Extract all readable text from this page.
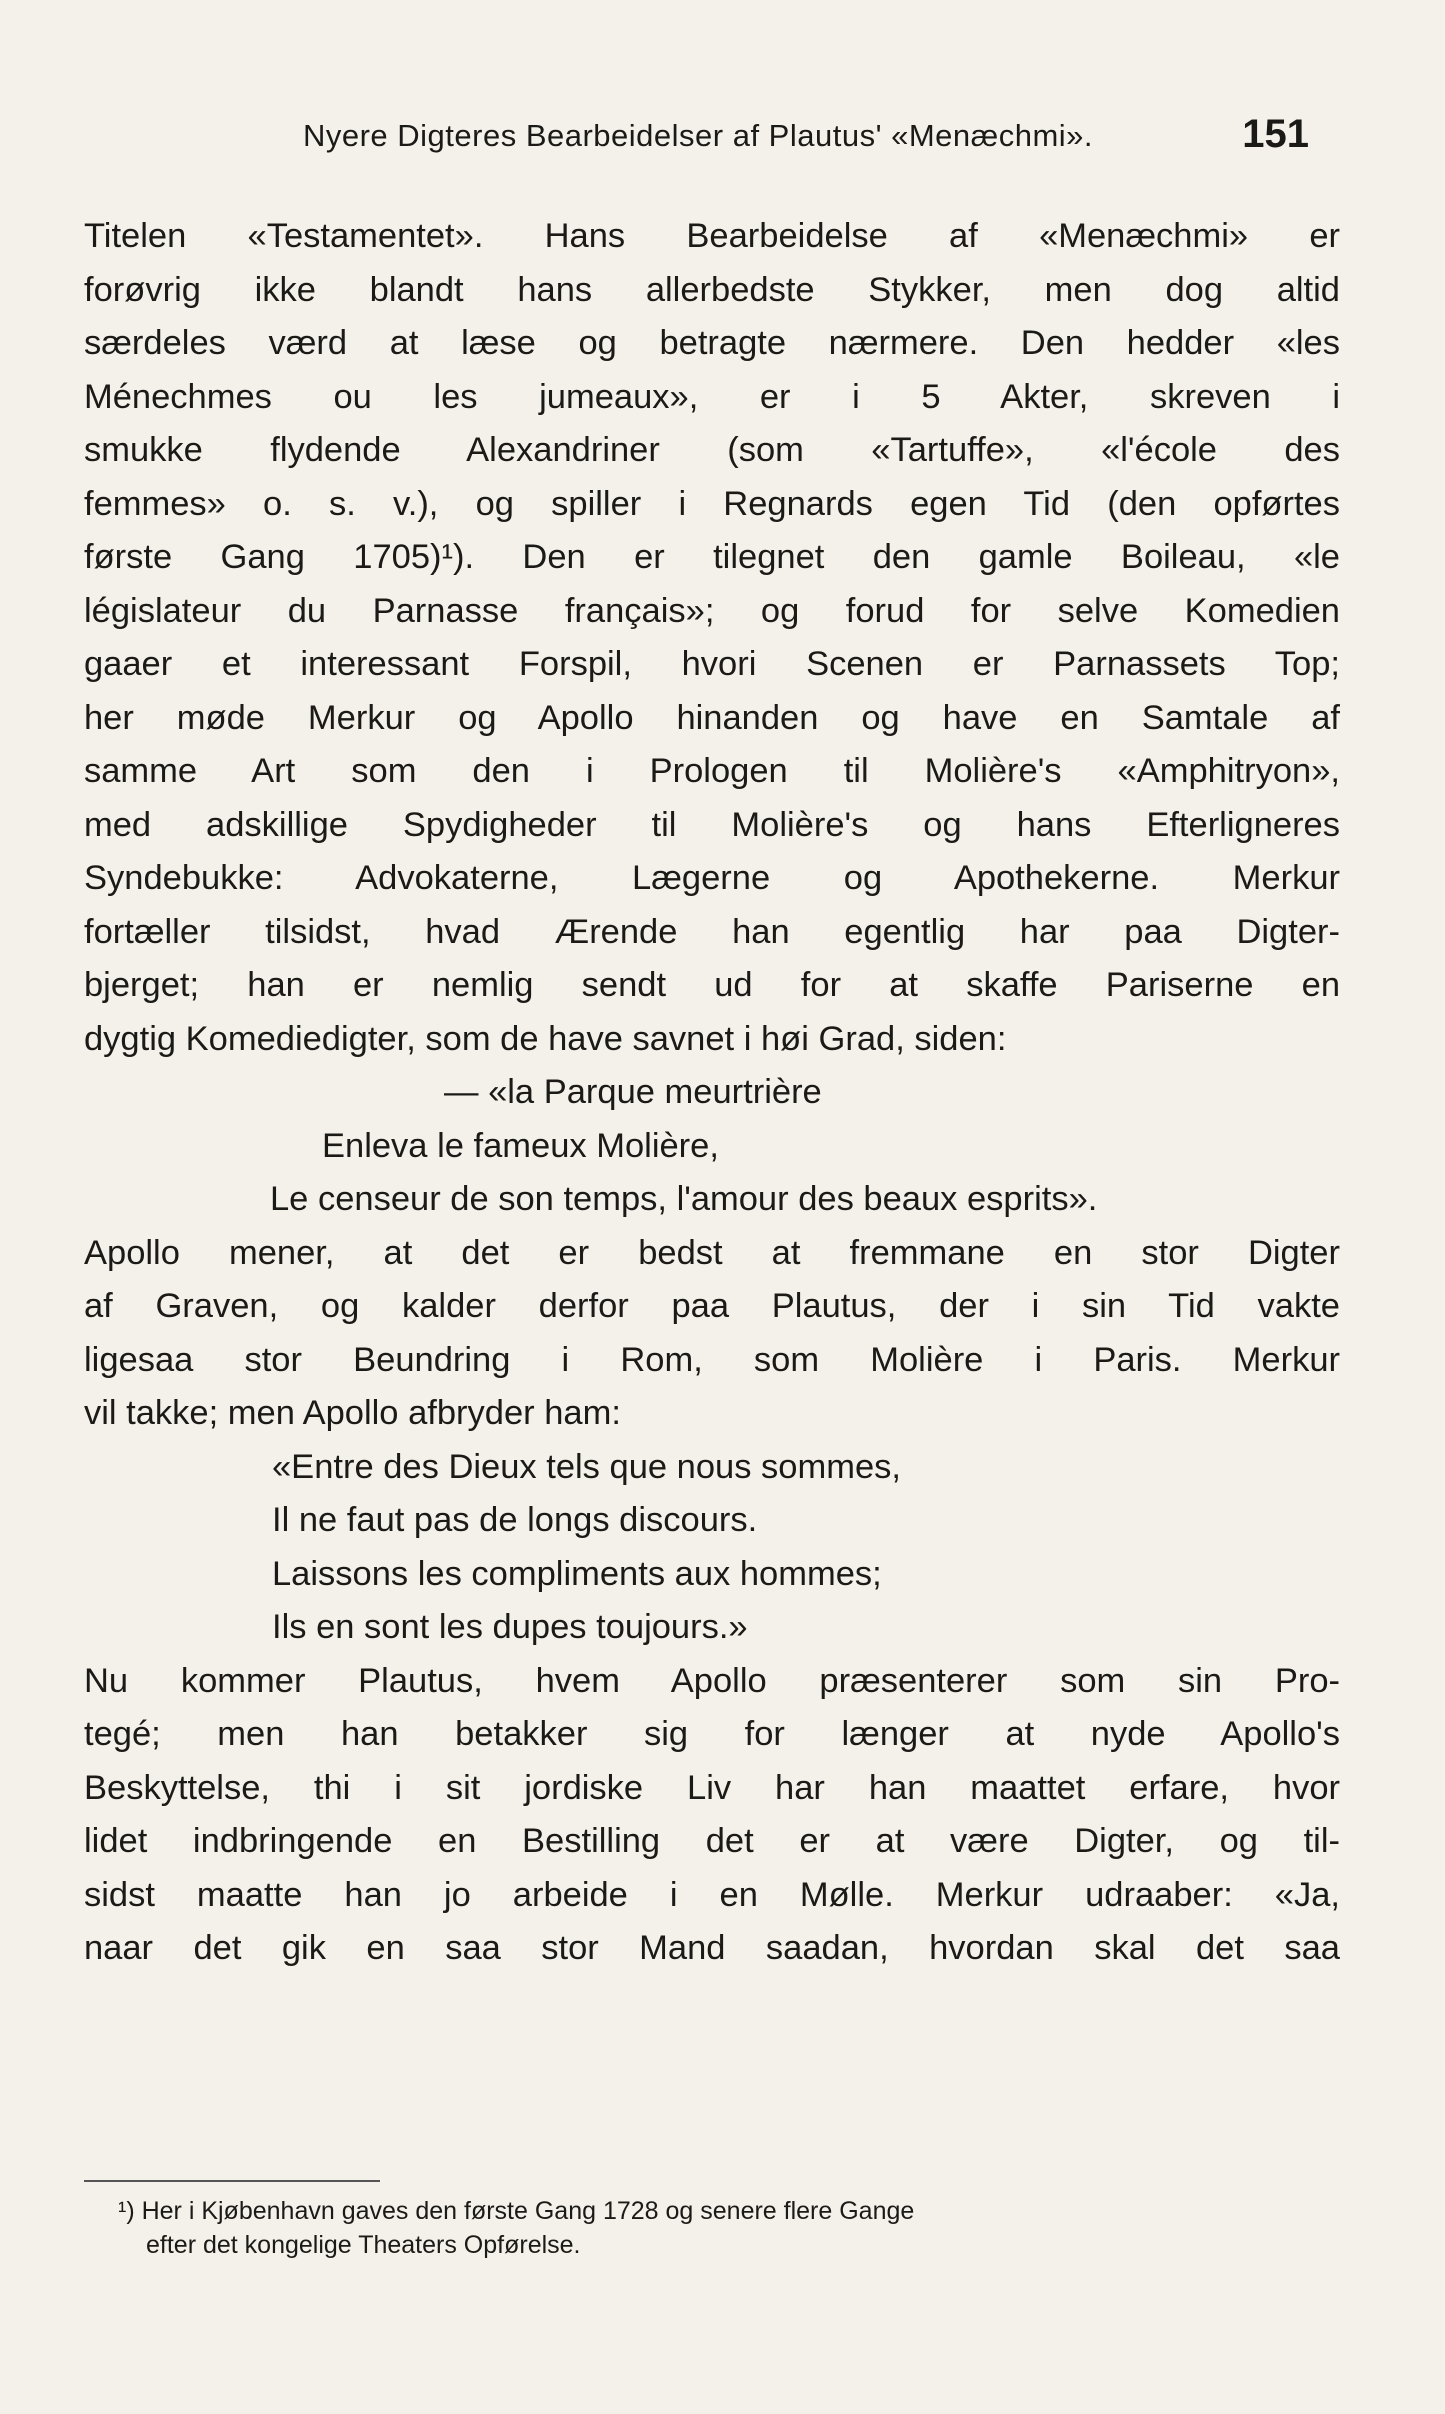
Nyere Digteres Bearbeidelser af Plautus' «Menæchmi».	151
Titelen «Testamentet». Hans Bearbeidelse af «Menæchmi» er
forøvrig ikke blandt hans allerbedste Stykker, men dog altid
særdeles værd at læse og betragte nærmere. Den hedder «les
Ménechmes ou les jumeaux», er i 5 Akter, skreven i
smukke flydende Alexandriner (som «Tartuffe», «l'école des
femmes» o. s. v.), og spiller i Regnards egen Tid (den opførtes
første Gang 1705)¹). Den er tilegnet den gamle Boileau, «le
législateur du Parnasse français»; og forud for selve Komedien
gaaer et interessant Forspil, hvori Scenen er Parnassets Top;
her møde Merkur og Apollo hinanden og have en Samtale af
samme Art som den i Prologen til Molière's «Amphitryon»,
med adskillige Spydigheder til Molière's og hans Efterligneres
Syndebukke: Advokaterne, Lægerne og Apothekerne. Merkur
fortæller tilsidst, hvad Ærende han egentlig har paa Digter-
bjerget; han er nemlig sendt ud for at skaffe Pariserne en
dygtig Komediedigter, som de have savnet i høi Grad, siden:
— «la Parque meurtrière
Enleva le fameux Molière,
Le censeur de son temps, l'amour des beaux esprits».
Apollo mener, at det er bedst at fremmane en stor Digter
af Graven, og kalder derfor paa Plautus, der i sin Tid vakte
ligesaa stor Beundring i Rom, som Molière i Paris. Merkur
vil takke; men Apollo afbryder ham:
«Entre des Dieux tels que nous sommes,
Il ne faut pas de longs discours.
Laissons les compliments aux hommes;
Ils en sont les dupes toujours.»
Nu kommer Plautus, hvem Apollo præsenterer som sin Pro-
tegé; men han betakker sig for længer at nyde Apollo's
Beskyttelse, thi i sit jordiske Liv har han maattet erfare, hvor
lidet indbringende en Bestilling det er at være Digter, og til-
sidst maatte han jo arbeide i en Mølle. Merkur udraaber: «Ja,
naar det gik en saa stor Mand saadan, hvordan skal det saa
¹) Her i Kjøbenhavn gaves den første Gang 1728 og senere flere Gange
efter det kongelige Theaters Opførelse.
